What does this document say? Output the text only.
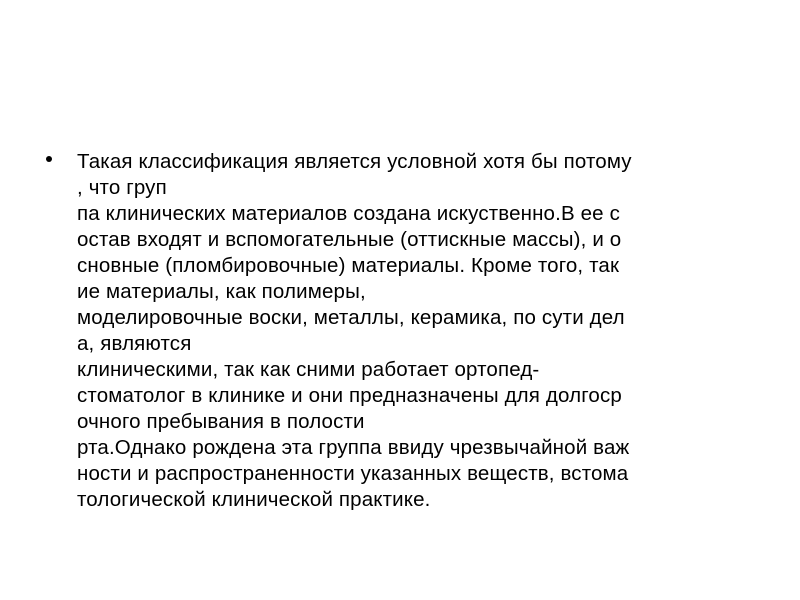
Такая классификация является условной хотя бы потому
, что груп
па клинических материалов создана искуственно.В ее с
остав входят и вспомогательные (оттискные массы), и о
сновные (пломбировочные) материалы. Кроме того, так
ие материалы, как полимеры,
моделировочные воски, металлы, керамика, по сути дел
а, являются
клиническими, так как сними работает ортопед-
стоматолог в клинике и они предназначены для долгоср
очного пребывания в полости
рта.Однако рождена эта группа ввиду чрезвычайной важ
ности и распространенности указанных веществ, встома
тологической клинической практике.
